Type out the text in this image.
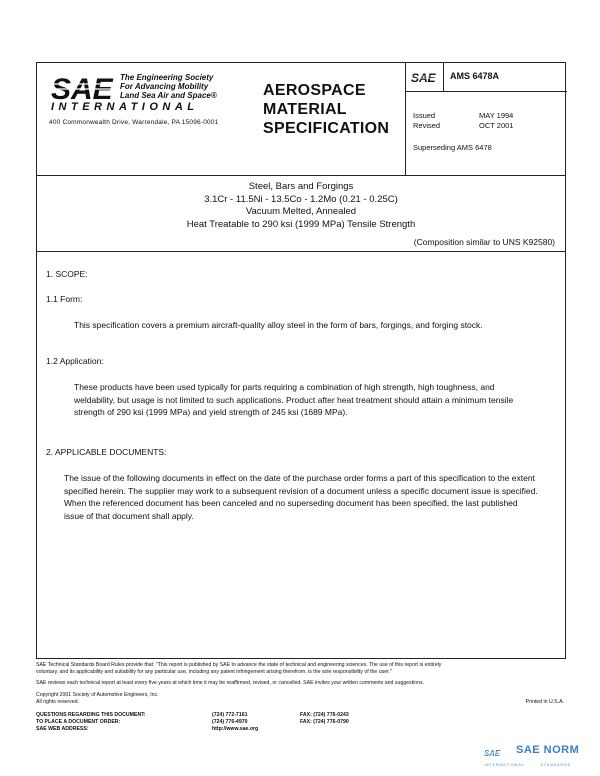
SAE The Engineering Society
For Advancing Mobility
Land Sea Air and Space®
INTERNATIONAL
400 Commonwealth Drive, Warrendale, PA 15096-0001
AEROSPACE
MATERIAL
SPECIFICATION
SAE AMS 6478A
Issued	MAY 1994
Revised	OCT 2001
Superseding AMS 6478
Steel, Bars and Forgings
3.1Cr - 11.5Ni - 13.5Co - 1.2Mo (0.21 - 0.25C)
Vacuum Melted, Annealed
Heat Treatable to 290 ksi (1999 MPa) Tensile Strength
(Composition similar to UNS K92580)
1. SCOPE:
1.1 Form:
This specification covers a premium aircraft-quality alloy steel in the form of bars, forgings, and forging stock.
1.2 Application:
These products have been used typically for parts requiring a combination of high strength, high toughness, and weldability, but usage is not limited to such applications. Product after heat treatment should attain a minimum tensile strength of 290 ksi (1999 MPa) and yield strength of 245 ksi (1689 MPa).
2. APPLICABLE DOCUMENTS:
The issue of the following documents in effect on the date of the purchase order forms a part of this specification to the extent specified herein. The supplier may work to a subsequent revision of a document unless a specific document issue is specified. When the referenced document has been canceled and no superseding document has been specified, the last published issue of that document shall apply.
SAE Technical Standards Board Rules provide that: "This report is published by SAE to advance the state of technical and engineering sciences. The use of this report is entirely
voluntary, and its applicability and suitability for any particular use, including any patent infringement arising therefrom, is the sole responsibility of the user."
SAE reviews each technical report at least every five years at which time it may be reaffirmed, revised, or cancelled. SAE invites your written comments and suggestions.
Copyright 2001 Society of Automotive Engineers, Inc.
All rights reserved.	Printed in U.S.A.
QUESTIONS REGARDING THIS DOCUMENT:	(724) 772-7161	FAX: (724) 776-0243
TO PLACE A DOCUMENT ORDER:	(724) 776-4970	FAX: (724) 776-0790
SAE WEB ADDRESS:	http://www.sae.org
SAE SAE NORM
INTERNATIONAL	STANDARDS
